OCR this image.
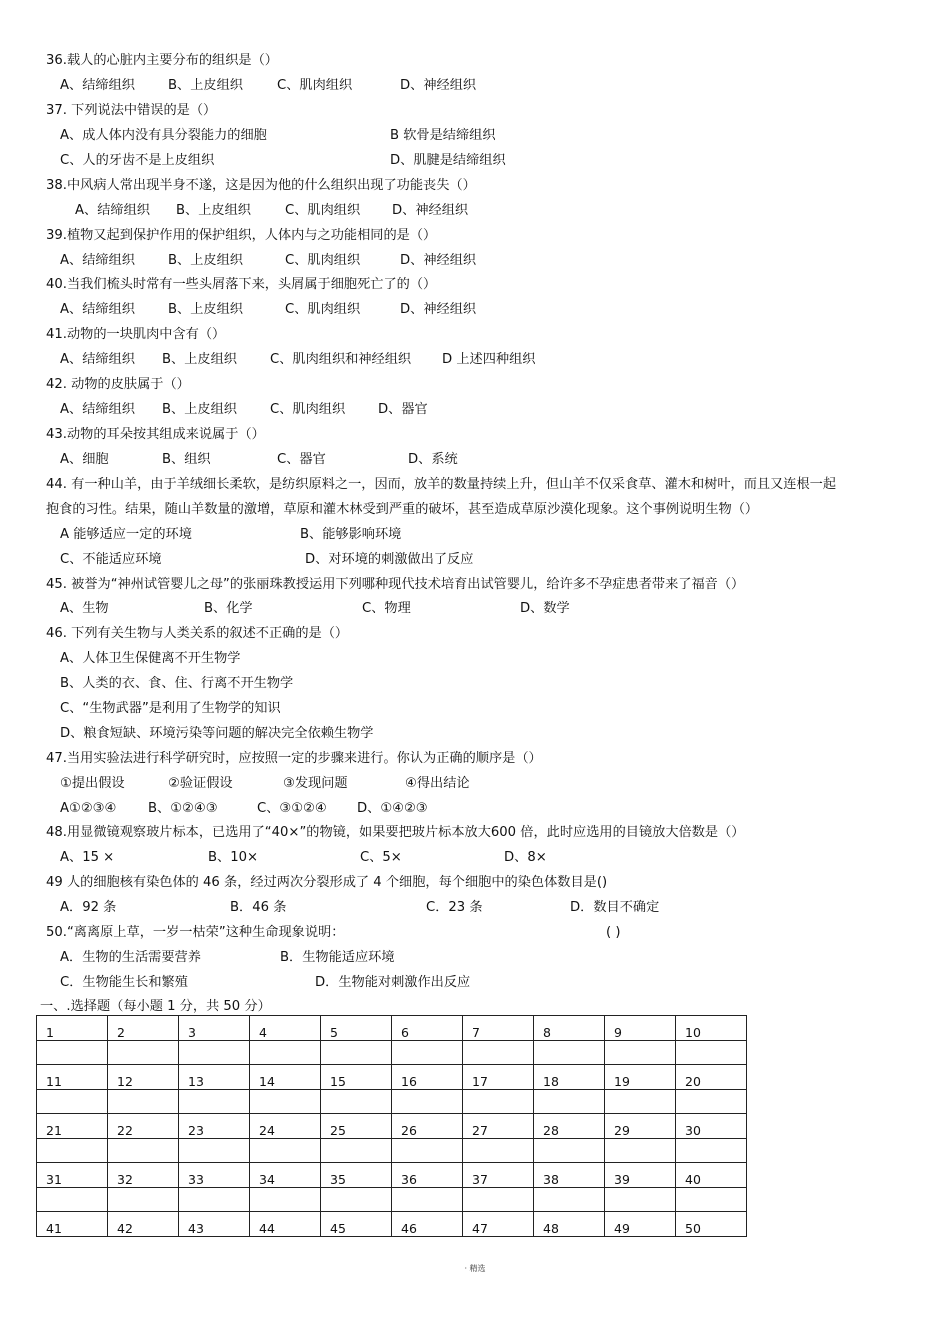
36.载人的心脏内主要分布的组织是（）
A、结缔组织	B、上皮组织	C、肌肉组织	D、神经组织
37. 下列说法中错误的是（）
A、成人体内没有具分裂能力的细胞	B 软骨是结缔组织
C、人的牙齿不是上皮组织	D、肌腱是结缔组织
38.中风病人常出现半身不遂，这是因为他的什么组织出现了功能丧失（）
A、结缔组织 B、上皮组织	C、肌肉组织 D、神经组织
39.植物又起到保护作用的保护组织，人体内与之功能相同的是（）
A、结缔组织	B、上皮组织	C、肌肉组织	D、神经组织
40.当我们梳头时常有一些头屑落下来，头屑属于细胞死亡了的（）
A、结缔组织	B、上皮组织	C、肌肉组织	D、神经组织
41.动物的一块肌肉中含有（）
A、结缔组织 B、上皮组织	C、肌肉组织和神经组织 D 上述四种组织
42. 动物的皮肤属于（）
A、结缔组织 B、上皮组织	C、肌肉组织 D、器官
43.动物的耳朵按其组成来说属于（）
A、细胞	B、组织	C、器官	D、系统
44. 有一种山羊，由于羊绒细长柔软，是纺织原料之一，因而，放羊的数量持续上升，但山羊不仅采食草、灌木和树叶，而且又连根一起
抱食的习性。结果，随山羊数量的激增，草原和灌木林受到严重的破坏，甚至造成草原沙漠化现象。这个事例说明生物（）
A 能够适应一定的环境	B、能够影响环境
C、不能适应环境	D、对环境的刺激做出了反应
45. 被誉为“神州试管婴儿之母”的张丽珠教授运用下列哪种现代技术培育出试管婴儿，给许多不孕症患者带来了福音（）
A、生物	B、化学	C、物理	D、数学
46. 下列有关生物与人类关系的叙述不正确的是（）
A、人体卫生保健离不开生物学
B、人类的衣、食、住、行离不开生物学
C、“生物武器”是利用了生物学的知识
D、粮食短缺、环境污染等问题的解决完全依赖生物学
47.当用实验法进行科学研究时，应按照一定的步骤来进行。你认为正确的顺序是（）
①提出假设	②验证假设	③发现问题	④得出结论
A①②③④ B、①②④③	C、③①②④ D、①④②③
48.用显微镜观察玻片标本，已选用了“40×”的物镜，如果要把玻片标本放大600 倍，此时应选用的目镜放大倍数是（）
A、15 ×	B、10×	C、5×	D、8×
49 人的细胞核有染色体的 46 条，经过两次分裂形成了 4 个细胞，每个细胞中的染色体数目是()
A．92 条	B．46 条	C．23 条	D．数目不确定
50.“离离原上草，一岁一枯荣”这种生命现象说明：	( )
A．生物的生活需要营养	B．生物能适应环境
C．生物能生长和繁殖	D．生物能对刺激作出反应
一、.选择题（每小题 1 分，共 50 分）
1	2	3	4	5	6	7	8	9	10

11	12	13	14	15	16	17	18	19	20

21	22	23	24	25	26	27	28	29	30

31	32	33	34	35	36	37	38	39	40

41	42	43	44	45	46	47	48	49	50
· 精选
